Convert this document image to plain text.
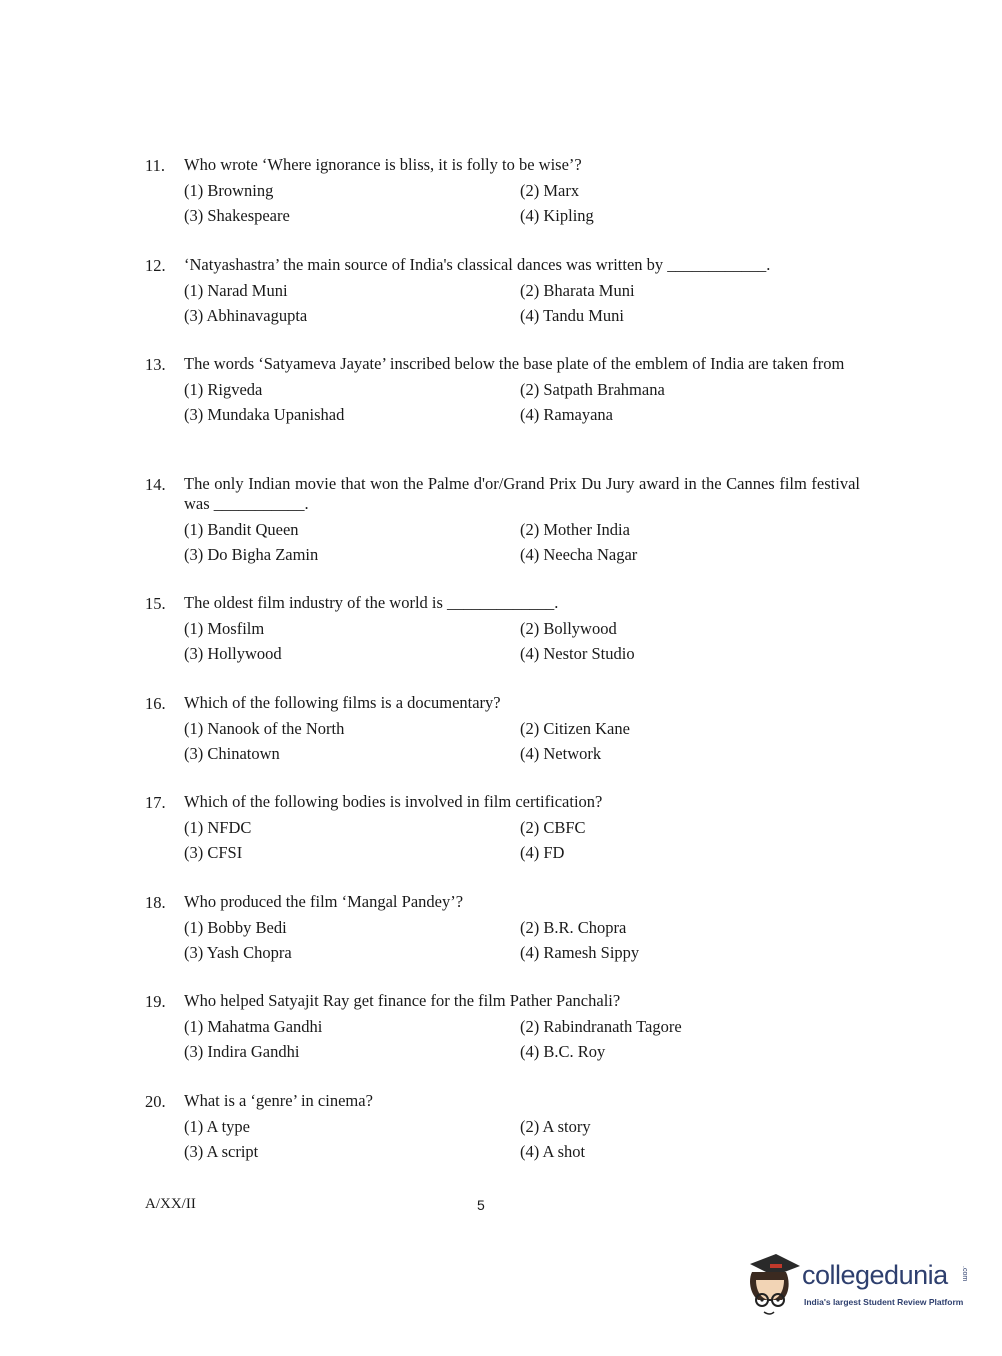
11.	Who wrote ‘Where ignorance is bliss, it is folly to be wise’?
(1) Browning	(2) Marx
(3) Shakespeare	(4) Kipling
12.	‘Natyashastra’ the main source of India's classical dances was written by ____________.
(1) Narad Muni	(2) Bharata Muni
(3) Abhinavagupta	(4) Tandu Muni
13.	The words ‘Satyameva Jayate’ inscribed below the base plate of the emblem of India are taken from
(1) Rigveda	(2) Satpath Brahmana
(3) Mundaka Upanishad	(4) Ramayana
14.	The only Indian movie that won the Palme d'or/Grand Prix Du Jury award in the Cannes film festival was ___________.
(1) Bandit Queen	(2) Mother India
(3) Do Bigha Zamin	(4) Neecha Nagar
15.	The oldest film industry of the world is _____________.
(1) Mosfilm	(2) Bollywood
(3) Hollywood	(4) Nestor Studio
16.	Which of the following films is a documentary?
(1) Nanook of the North	(2) Citizen Kane
(3) Chinatown	(4) Network
17.	Which of the following bodies is involved in film certification?
(1) NFDC	(2) CBFC
(3) CFSI	(4) FD
18.	Who produced the film ‘Mangal Pandey’?
(1) Bobby Bedi	(2) B.R. Chopra
(3) Yash Chopra	(4) Ramesh Sippy
19.	Who helped Satyajit Ray get finance for the film Pather Panchali?
(1) Mahatma Gandhi	(2) Rabindranath Tagore
(3) Indira Gandhi	(4) B.C. Roy
20.	What is a ‘genre’ in cinema?
(1) A type	(2) A story
(3) A script	(4) A shot
A/XX/II	5
collegedunia .com
India's largest Student Review Platform
